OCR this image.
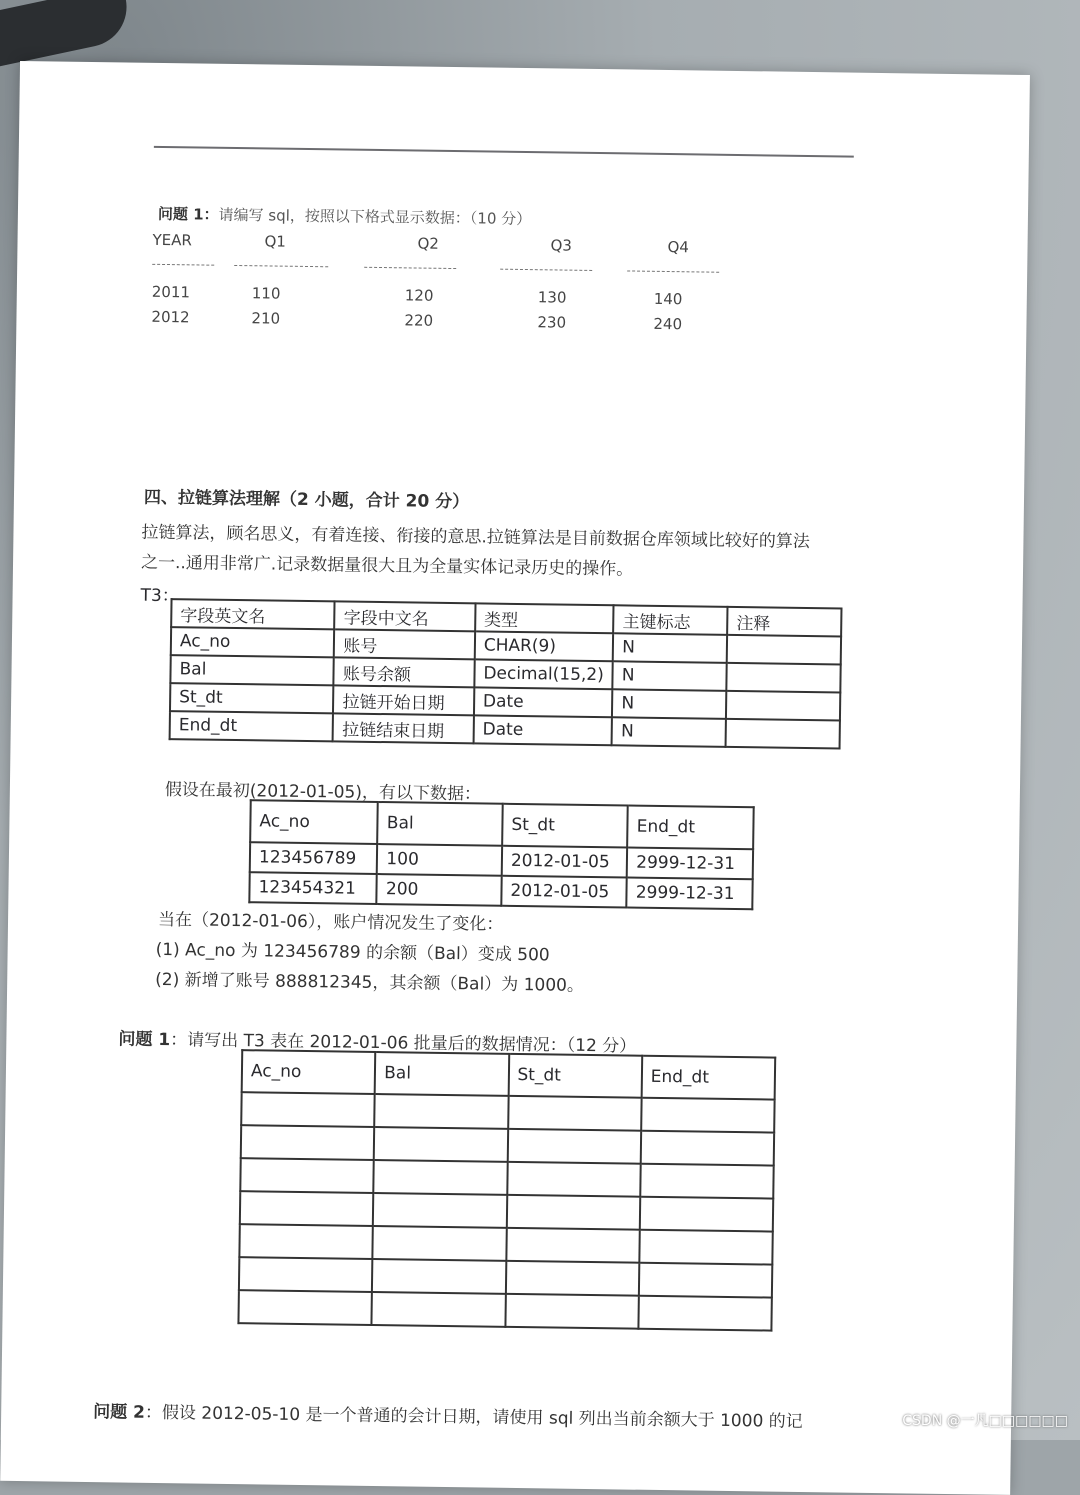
问题 1：请编写 sql，按照以下格式显示数据：（10 分）
YEAR	Q1	Q2	Q3	Q4
2011	110	120	130	140
2012	210	220	230	240
四、拉链算法理解（2 小题，合计 20 分）
拉链算法，顾名思义，有着连接、衔接的意思.拉链算法是目前数据仓库领域比较好的算法
之一..通用非常广.记录数据量很大且为全量实体记录历史的操作。
T3：
字段英文名	字段中文名	类型	主键标志	注释
Ac_no	账号	CHAR(9)	N	
Bal	账号余额	Decimal(15,2)	N	
St_dt	拉链开始日期	Date	N	
End_dt	拉链结束日期	Date	N	
假设在最初(2012-01-05)，有以下数据：
Ac_no	Bal	St_dt	End_dt
123456789	100	2012-01-05	2999-12-31
123454321	200	2012-01-05	2999-12-31
当在（2012-01-06），账户情况发生了变化：
(1) Ac_no 为 123456789 的余额（Bal）变成 500
(2) 新增了账号 888812345，其余额（Bal）为 1000。
问题 1：请写出 T3 表在 2012-01-06 批量后的数据情况：（12 分）
Ac_no	Bal	St_dt	End_dt

问题 2：假设 2012-05-10 是一个普通的会计日期，请使用 sql 列出当前余额大于 1000 的记	CSDN @一凡□□□□□□
